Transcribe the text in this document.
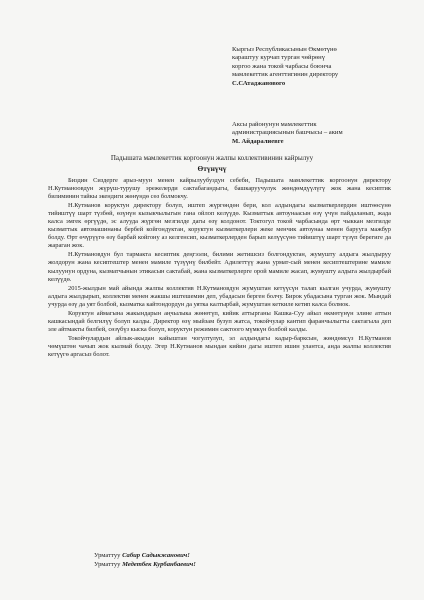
Кыргыз Республикасынын Өкмөтүнө
караштуу курчап турган чөйрөнү
коргоо жана токой чарбасы боюнча
мамлекеттик агенттигинин директору
С.САтаджанового
Аксы районунун мамлекеттик
администрациясынын башчысы – аким
М. Айдаралиевге
Падышата мамлекеттик коргоонун жалпы коллективинин кайрылуу
Өтүнүчү

Биздин Сиздерге арыз-муун менен кайрылуубуздун себеби, Падышата мамлекеттик коргоонун директору Н.Кутманоовдун жүрүш-турушу эрежелерди сактабагандыгы, башкаруучулук жөндөмдүүлүгү жок жана кесиптик билиминин тайкы экендиги жөнүндө сөз болмокчу.

Н.Кутманов коруктун директору болуп, иштеп жүргөндөн бери, кол алдындагы кызматкерлердин иштөөсүнө тийиштүү шарт түзбөй, өзүнүн кызыкчылыгын гана ойлоп келүүдө. Кызматтык автоунаасын өзү үчүн пайдаланып, жада калса эмгек өргүүдө, эс алууда жүргөн мезгилде дагы өзү колдонот. Токтогул токой чарбасында өрт чыккан мезгилде кызматтык автомашинаны бербей койгондуктан, коруктун кызматкерлери жеке менчик автоунаа менен барууга мажбур болду. Өрт өчүрүүгө өзү барбай койгону аз келгенсип, кызматкерлерден барып келүүсүнө тийиштүү шарт түзүп берегиге да жараган жок.

Н.Кутмановдун бул тармакта кесиптик деңгээли, билими жетишсиз болгондуктан, жумушту алдыга жылдыруу жолдорун жана кесиптештер менен мамиле түзүүнү билбейт. Адилеттүү жана урмат-сый менен кесиптештерине мамиле кылуунун ордуна, кызматчынын этикасын сактабай, жана кызматкерлерге орой мамиле жасап, жумушту алдыга жылдырбай келүүдө.

2015-жылдын май айында жалпы коллектив Н.Кутмановдун жумуштан кетүүсүн талап кылган учурда, жумушту алдыга жылдырып, коллектив менен жакшы иштешемин деп, убадасын берген болчу. Бирок убадасына турган жок. Мындай учурда өзү да уят болбой, кызматка кайтондордун да уятка калтырбай, жумуштан кеткиле кетип калса болмок.

Коруктун аймагына жакындарын аңчылыка жөнөтүп, кийик аттырганы Кашка-Суу айыл өкмөтүнүн элине аттын кашкасындай белгилүү болуп калды. Директор өзү мыйзам бузуп жатса, токойчулар кантип фаранчылыгты сактагыла деп эле айтмакты билбей, сөзүбүз кыска болуп, коруктун режимин сактоого мүмкүн болбой калды.

Токойчулардын айлык-акыдан кайыштан чогултулуп, эл алдындагы кадыр-барксын, жөндөмсүз Н.Кутманов чөмүштөн чачып жок кылмай болду. Эгер Н.Кутманов мындан кийин дагы иштеп ишин улантса, анда жалпы коллектив кетүүгө аргасыз болот.

Урматтуу Сабир Садыкжанович!
Урматтуу Медетбек Курбанбаевич!
